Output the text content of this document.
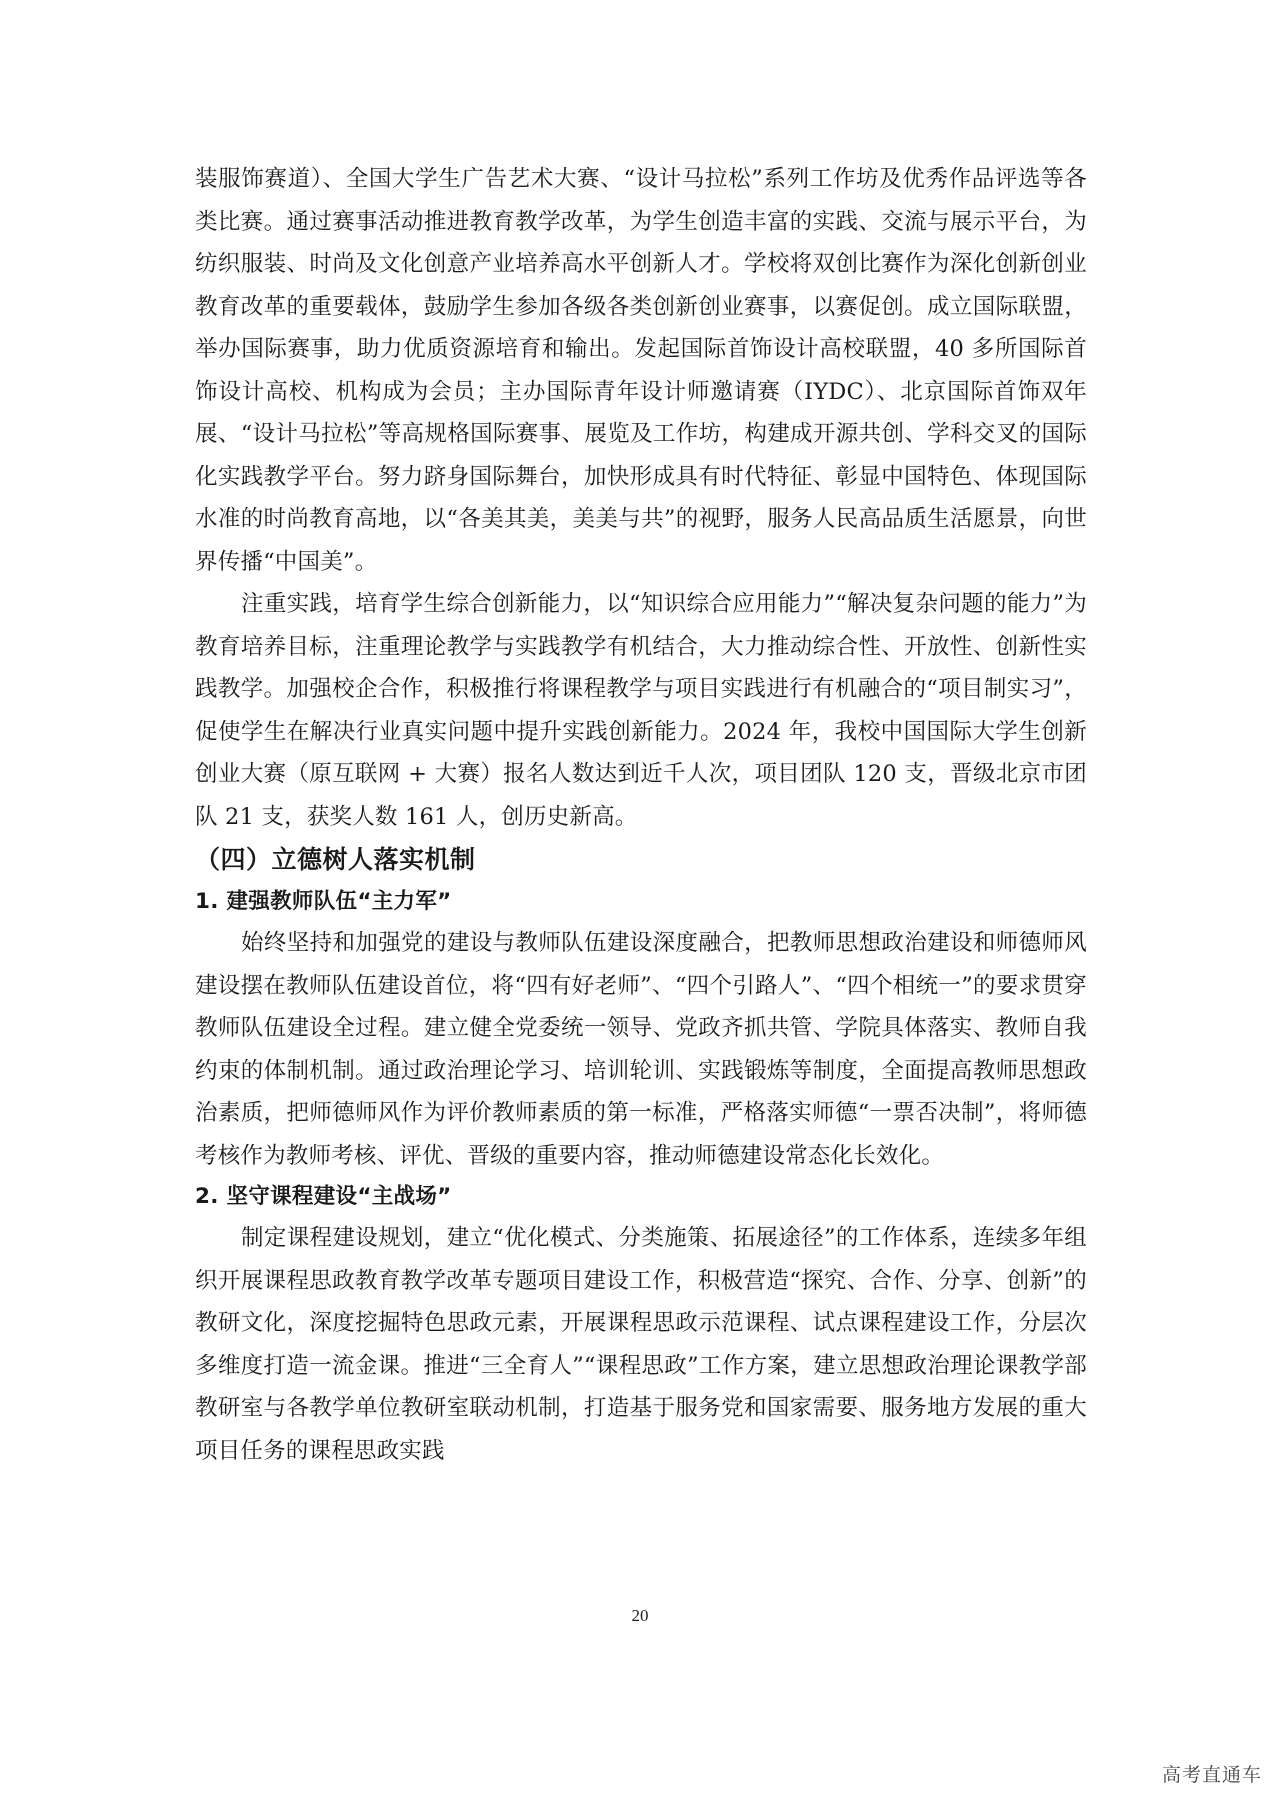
装服饰赛道）、全国大学生广告艺术大赛、“设计马拉松”系列工作坊及优秀作品评选等各类比赛。通过赛事活动推进教育教学改革，为学生创造丰富的实践、交流与展示平台，为纺织服装、时尚及文化创意产业培养高水平创新人才。学校将双创比赛作为深化创新创业教育改革的重要载体，鼓励学生参加各级各类创新创业赛事，以赛促创。成立国际联盟，举办国际赛事，助力优质资源培育和输出。发起国际首饰设计高校联盟，40 多所国际首饰设计高校、机构成为会员；主办国际青年设计师邀请赛（IYDC）、北京国际首饰双年展、“设计马拉松”等高规格国际赛事、展览及工作坊，构建成开源共创、学科交叉的国际化实践教学平台。努力跻身国际舞台，加快形成具有时代特征、彰显中国特色、体现国际水准的时尚教育高地，以“各美其美，美美与共”的视野，服务人民高品质生活愿景，向世界传播“中国美”。

注重实践，培育学生综合创新能力，以“知识综合应用能力”“解决复杂问题的能力”为教育培养目标，注重理论教学与实践教学有机结合，大力推动综合性、开放性、创新性实践教学。加强校企合作，积极推行将课程教学与项目实践进行有机融合的“项目制实习”，促使学生在解决行业真实问题中提升实践创新能力。2024 年，我校中国国际大学生创新创业大赛（原互联网 + 大赛）报名人数达到近千人次，项目团队 120 支，晋级北京市团队 21 支，获奖人数 161 人，创历史新高。

（四）立德树人落实机制
1. 建强教师队伍“主力军”

始终坚持和加强党的建设与教师队伍建设深度融合，把教师思想政治建设和师德师风建设摆在教师队伍建设首位，将“四有好老师”、“四个引路人”、“四个相统一”的要求贯穿教师队伍建设全过程。建立健全党委统一领导、党政齐抓共管、学院具体落实、教师自我约束的体制机制。通过政治理论学习、培训轮训、实践锻炼等制度，全面提高教师思想政治素质，把师德师风作为评价教师素质的第一标准，严格落实师德“一票否决制”，将师德考核作为教师考核、评优、晋级的重要内容，推动师德建设常态化长效化。

2. 坚守课程建设“主战场”

制定课程建设规划，建立“优化模式、分类施策、拓展途径”的工作体系，连续多年组织开展课程思政教育教学改革专题项目建设工作，积极营造“探究、合作、分享、创新”的教研文化，深度挖掘特色思政元素，开展课程思政示范课程、试点课程建设工作，分层次多维度打造一流金课。推进“三全育人”“课程思政”工作方案，建立思想政治理论课教学部教研室与各教学单位教研室联动机制，打造基于服务党和国家需要、服务地方发展的重大项目任务的课程思政实践

20
高考直通车
